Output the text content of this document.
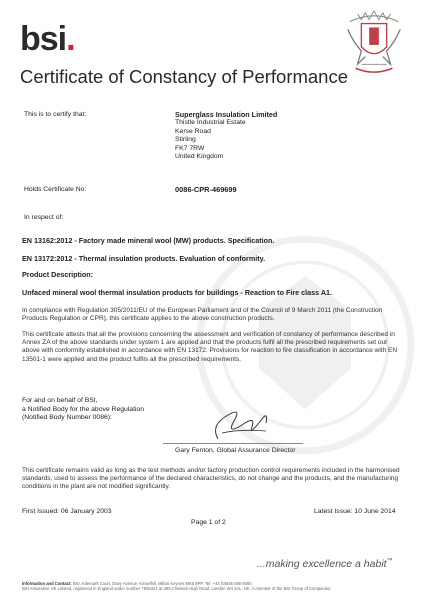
bsi.
Certificate of Constancy of Performance
This is to certify that:	Superglass Insulation Limited
Thistle Industrial Estate
Kerse Road
Stirling
FK7 7RW
United Kingdom
Holds Certificate No:	0086-CPR-469699
In respect of:
EN 13162:2012 - Factory made mineral wool (MW) products. Specification.
EN 13172:2012 - Thermal insulation products. Evaluation of conformity.
Product Description:
Unfaced mineral wool thermal insulation products for buildings - Reaction to Fire class A1.
In compliance with Regulation 305/2011/EU of the European Parliament and of the Council of 9 March 2011 (the Construction Products Regulation or CPR), this certificate applies to the above construction products.
This certificate attests that all the provisions concerning the assessment and verification of constancy of performance described in Annex ZA of the above standards under system 1 are applied and that the products fulfil all the prescribed requirements set out above with conformity established in accordance with EN 13172. Provisions for reaction to fire classification in accordance with EN 13501-1 were applied and the product fulfils all the prescribed requirements.
For and on behalf of BSI,
a Notified Body for the above Regulation
(Notified Body Number 0086):
Gary Fenton, Global Assurance Director
This certificate remains valid as long as the test methods and/or factory production control requirements included in the harmonised standards, used to assess the performance of the declared characteristics, do not change and the products, and the manufacturing conditions in the plant are not modified significantly.
First Issued: 06 January 2003	Latest Issue: 10 June 2014
Page 1 of 2
...making excellence a habit™
Information and Contact: BSI, Kitemark Court, Davy Avenue, Knowlhill, Milton Keynes MK5 8PP. Tel: +44 (0)845 080 9000
BSI Assurance UK Limited, registered in England under number 7805321 at 389 Chiswick High Road, London W4 4AL, UK. A member of the BSI Group of Companies.
